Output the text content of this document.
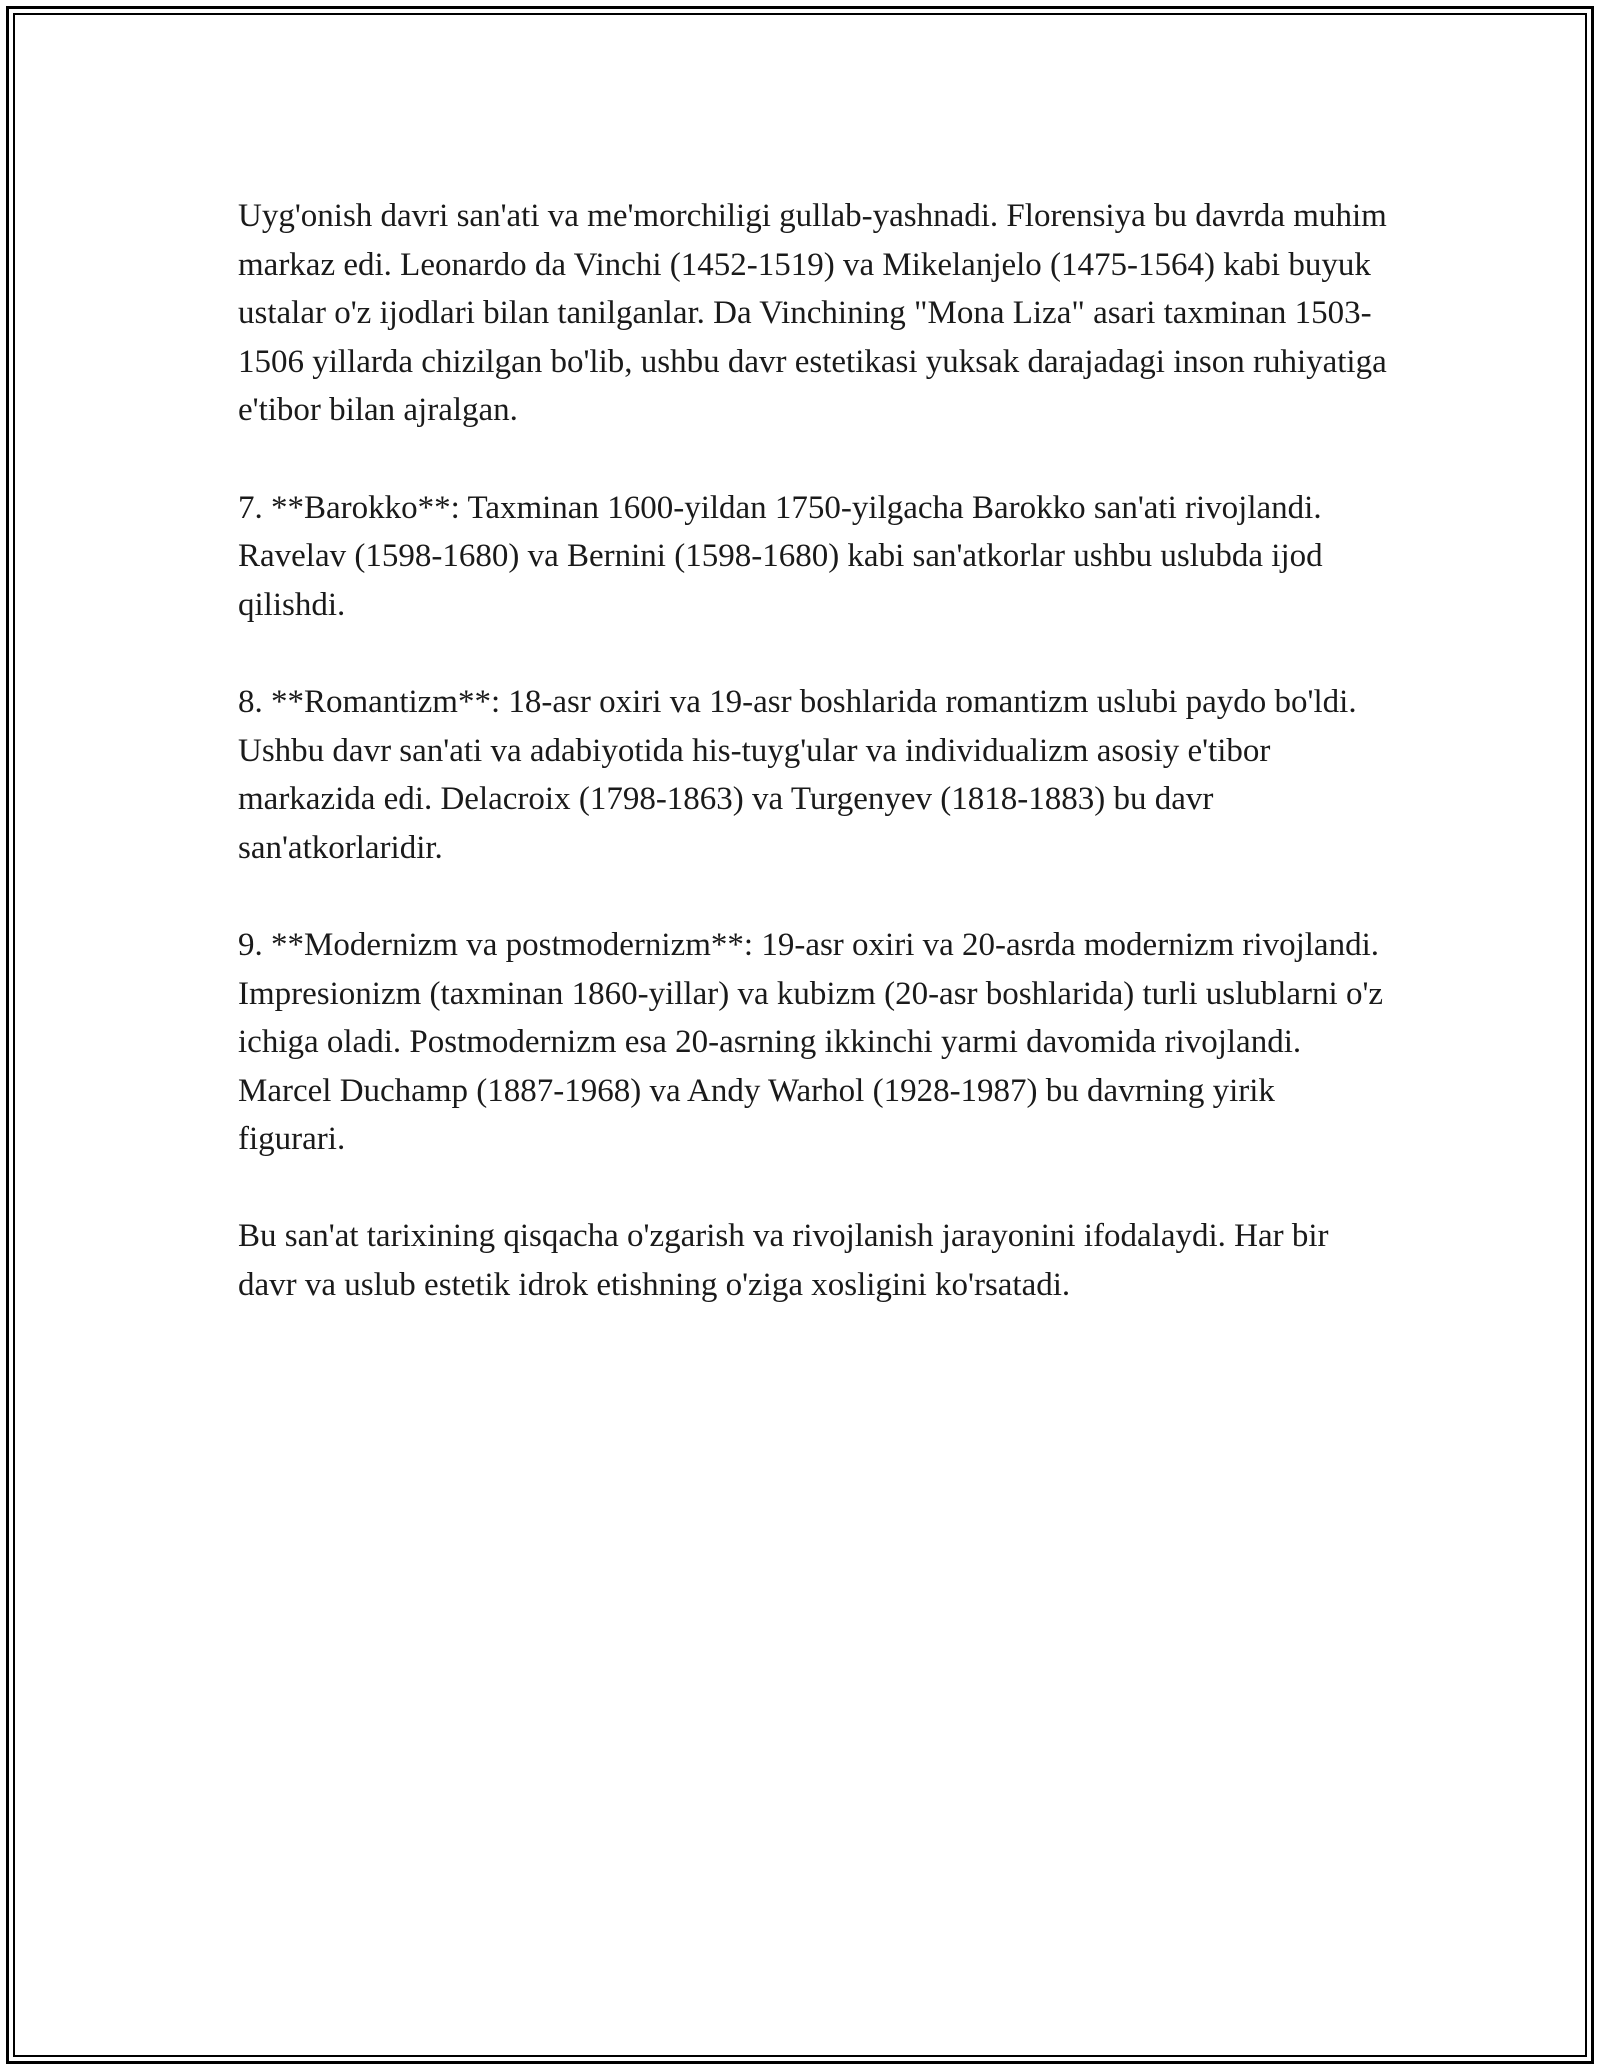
Uyg'onish davri san'ati va me'morchiligi gullab-yashnadi. Florensiya bu davrda muhim markaz edi. Leonardo da Vinchi (1452-1519) va Mikelanjelo (1475-1564) kabi buyuk ustalar o'z ijodlari bilan tanilganlar. Da Vinchining "Mona Liza" asari taxminan 1503-1506 yillarda chizilgan bo'lib, ushbu davr estetikasi yuksak darajadagi inson ruhiyatiga e'tibor bilan ajralgan.

7. **Barokko**: Taxminan 1600-yildan 1750-yilgacha Barokko san'ati rivojlandi. Ravelav (1598-1680) va Bernini (1598-1680) kabi san'atkorlar ushbu uslubda ijod qilishdi.

8. **Romantizm**: 18-asr oxiri va 19-asr boshlarida romantizm uslubi paydo bo'ldi. Ushbu davr san'ati va adabiyotida his-tuyg'ular va individualizm asosiy e'tibor markazida edi. Delacroix (1798-1863) va Turgenyev (1818-1883) bu davr san'atkorlaridir.

9. **Modernizm va postmodernizm**: 19-asr oxiri va 20-asrda modernizm rivojlandi. Impresionizm (taxminan 1860-yillar) va kubizm (20-asr boshlarida) turli uslublarni o'z ichiga oladi. Postmodernizm esa 20-asrning ikkinchi yarmi davomida rivojlandi. Marcel Duchamp (1887-1968) va Andy Warhol (1928-1987) bu davrning yirik figurari.

Bu san'at tarixining qisqacha o'zgarish va rivojlanish jarayonini ifodalaydi. Har bir davr va uslub estetik idrok etishning o'ziga xosligini ko'rsatadi.
